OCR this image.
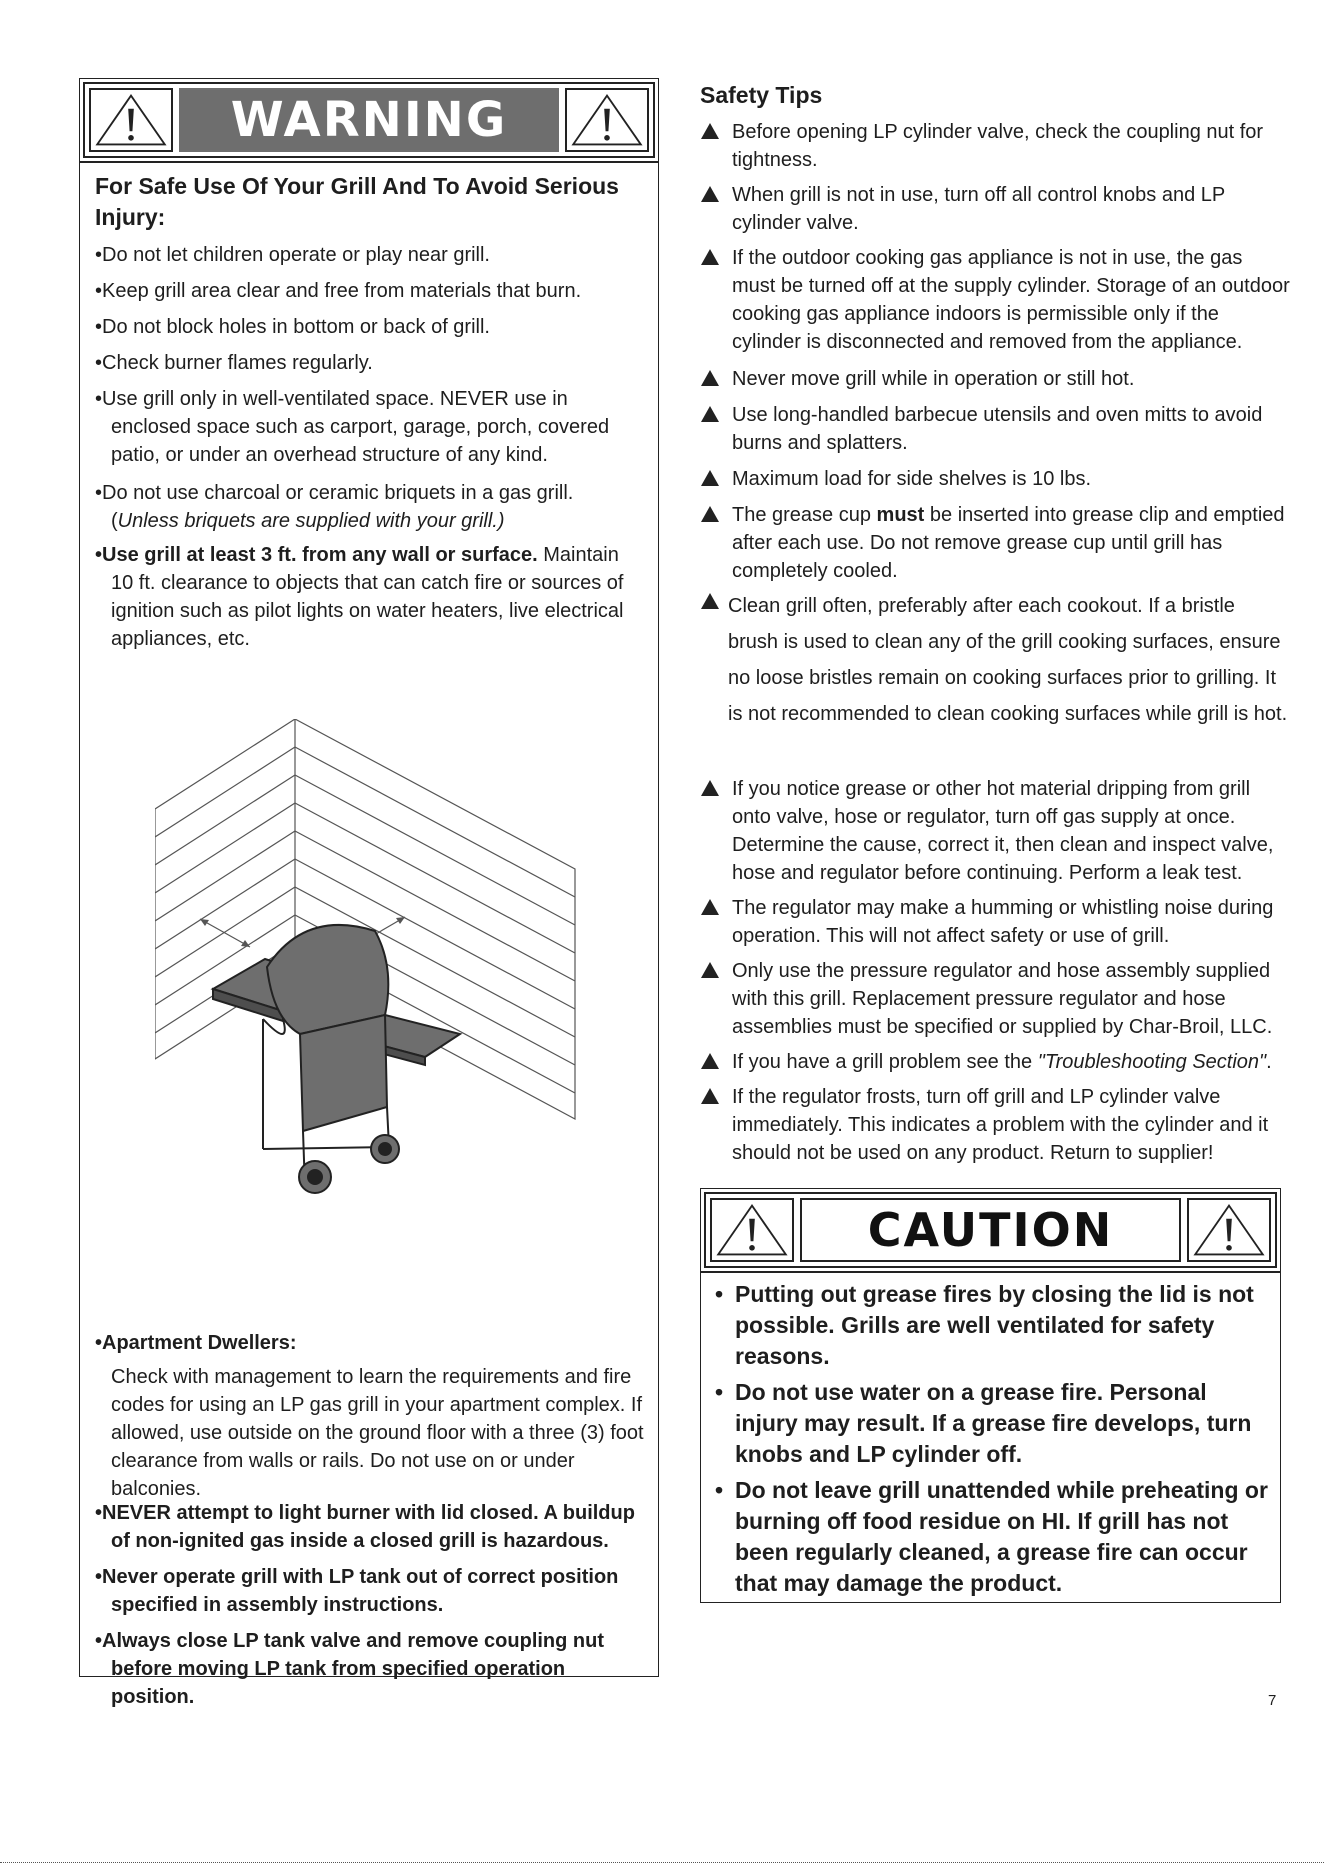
WARNING
For Safe Use Of Your Grill And To Avoid Serious Injury:
•Do not let children operate or play near grill.
•Keep grill area clear and free from materials that burn.
•Do not block holes in bottom or back of grill.
•Check burner flames regularly.
•Use grill only in well-ventilated space. NEVER use in
enclosed space such as carport, garage, porch, covered patio, or under an overhead structure of any kind.
•Do not use charcoal or ceramic briquets in a gas grill.
(Unless briquets are supplied with your grill.)
•Use grill at least 3 ft. from any wall or surface. Maintain
10 ft. clearance to objects that can catch fire or sources of ignition such as pilot lights on water heaters, live electrical appliances, etc.
•Apartment Dwellers:
Check with management to learn the requirements and fire codes for using an LP gas grill in your apartment complex. If allowed, use outside on the ground floor with a three (3) foot clearance from walls or rails. Do not use on or under balconies.
•NEVER attempt to light burner with lid closed. A buildup
of non-ignited gas inside a closed grill is hazardous.
•Never operate grill with LP tank out of correct position
specified in assembly instructions.
•Always close LP tank valve and remove coupling nut
before moving LP tank from specified operation position.
Safety Tips
Before opening LP cylinder valve, check the coupling nut for tightness.
When grill is not in use, turn off all control knobs and LP cylinder valve.
If the outdoor cooking gas appliance is not in use, the gas must be turned off at the supply cylinder. Storage of an outdoor cooking gas appliance indoors is permissible only if the cylinder is disconnected and removed from the appliance.
Never move grill while in operation or still hot.
Use long-handled barbecue utensils and oven mitts to avoid burns and splatters.
Maximum load for side shelves is 10 lbs.
The grease cup must be inserted into grease clip and emptied after each use. Do not remove grease cup until grill has completely cooled.
Clean grill often, preferably after each cookout. If a bristle brush is used to clean any of the grill cooking surfaces, ensure no loose bristles remain on cooking surfaces prior to grilling. It is not recommended to clean cooking surfaces while grill is hot.
If you notice grease or other hot material dripping from grill onto valve, hose or regulator, turn off gas supply at once. Determine the cause, correct it, then clean and inspect valve, hose and regulator before continuing. Perform a leak test.
The regulator may make a humming or whistling noise during operation. This will not affect safety or use of grill.
Only use the pressure regulator and hose assembly supplied with this grill. Replacement pressure regulator and hose assemblies must be specified or supplied by Char-Broil, LLC.
If you have a grill problem see the "Troubleshooting Section".
If the regulator frosts, turn off grill and LP cylinder valve immediately. This indicates a problem with the cylinder and it should not be used on any product. Return to supplier!
CAUTION
• Putting out grease fires by closing the lid is not possible. Grills are well ventilated for safety reasons.
• Do not use water on a grease fire. Personal injury may result. If a grease fire develops, turn knobs and LP cylinder off.
• Do not leave grill unattended while preheating or burning off food residue on HI. If grill has not been regularly cleaned, a grease fire can occur that may damage the product.
7
